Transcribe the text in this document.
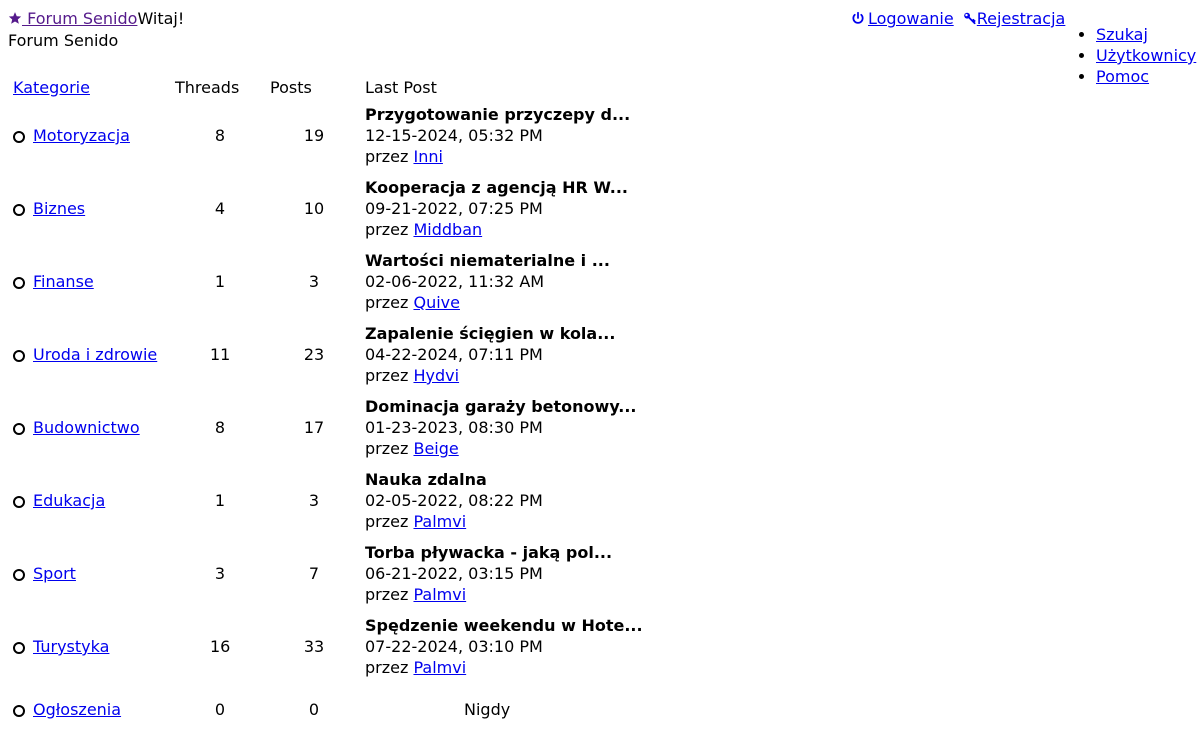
Forum SenidoWitaj!
Forum Senido
Logowanie Rejestracja
• Szukaj
• Użytkownicy
• Pomoc
Kategorie	Threads	Posts	Last Post
Motoryzacja	8	19	Przygotowanie przyczepy d...
12-15-2024, 05:32 PM
przez Inni

Biznes	4	10	Kooperacja z agencją HR W...
09-21-2022, 07:25 PM
przez Middban

Finanse	1	3	Wartości niematerialne i ...
02-06-2022, 11:32 AM
przez Quive

Uroda i zdrowie	11	23	Zapalenie ścięgien w kola...
04-22-2024, 07:11 PM
przez Hydvi

Budownictwo	8	17	Dominacja garaży betonowy...
01-23-2023, 08:30 PM
przez Beige

Edukacja	1	3	Nauka zdalna
02-05-2022, 08:22 PM
przez Palmvi

Sport	3	7	Torba pływacka - jaką pol...
06-21-2022, 03:15 PM
przez Palmvi

Turystyka	16	33	Spędzenie weekendu w Hote...
07-22-2024, 03:10 PM
przez Palmvi

Ogłoszenia	0	0	Nigdy
